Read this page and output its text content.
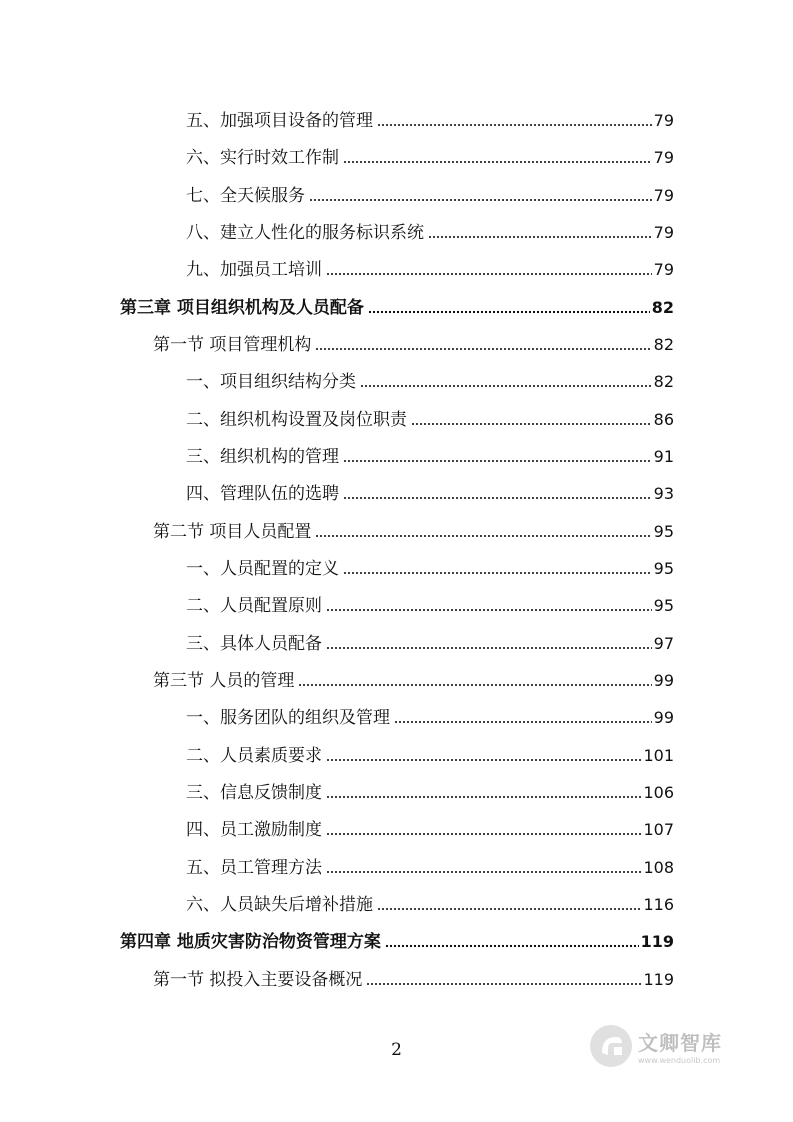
五、加强项目设备的管理	79
六、实行时效工作制	79
七、全天候服务	79
八、建立人性化的服务标识系统	79
九、加强员工培训	79
第三章 项目组织机构及人员配备	82
第一节 项目管理机构	82
一、项目组织结构分类	82
二、组织机构设置及岗位职责	86
三、组织机构的管理	91
四、管理队伍的选聘	93
第二节 项目人员配置	95
一、人员配置的定义	95
二、人员配置原则	95
三、具体人员配备	97
第三节 人员的管理	99
一、服务团队的组织及管理	99
二、人员素质要求	101
三、信息反馈制度	106
四、员工激励制度	107
五、员工管理方法	108
六、人员缺失后增补措施	116
第四章 地质灾害防治物资管理方案	119
第一节 拟投入主要设备概况	119
2	文卿智库
www.wenduolib.com
